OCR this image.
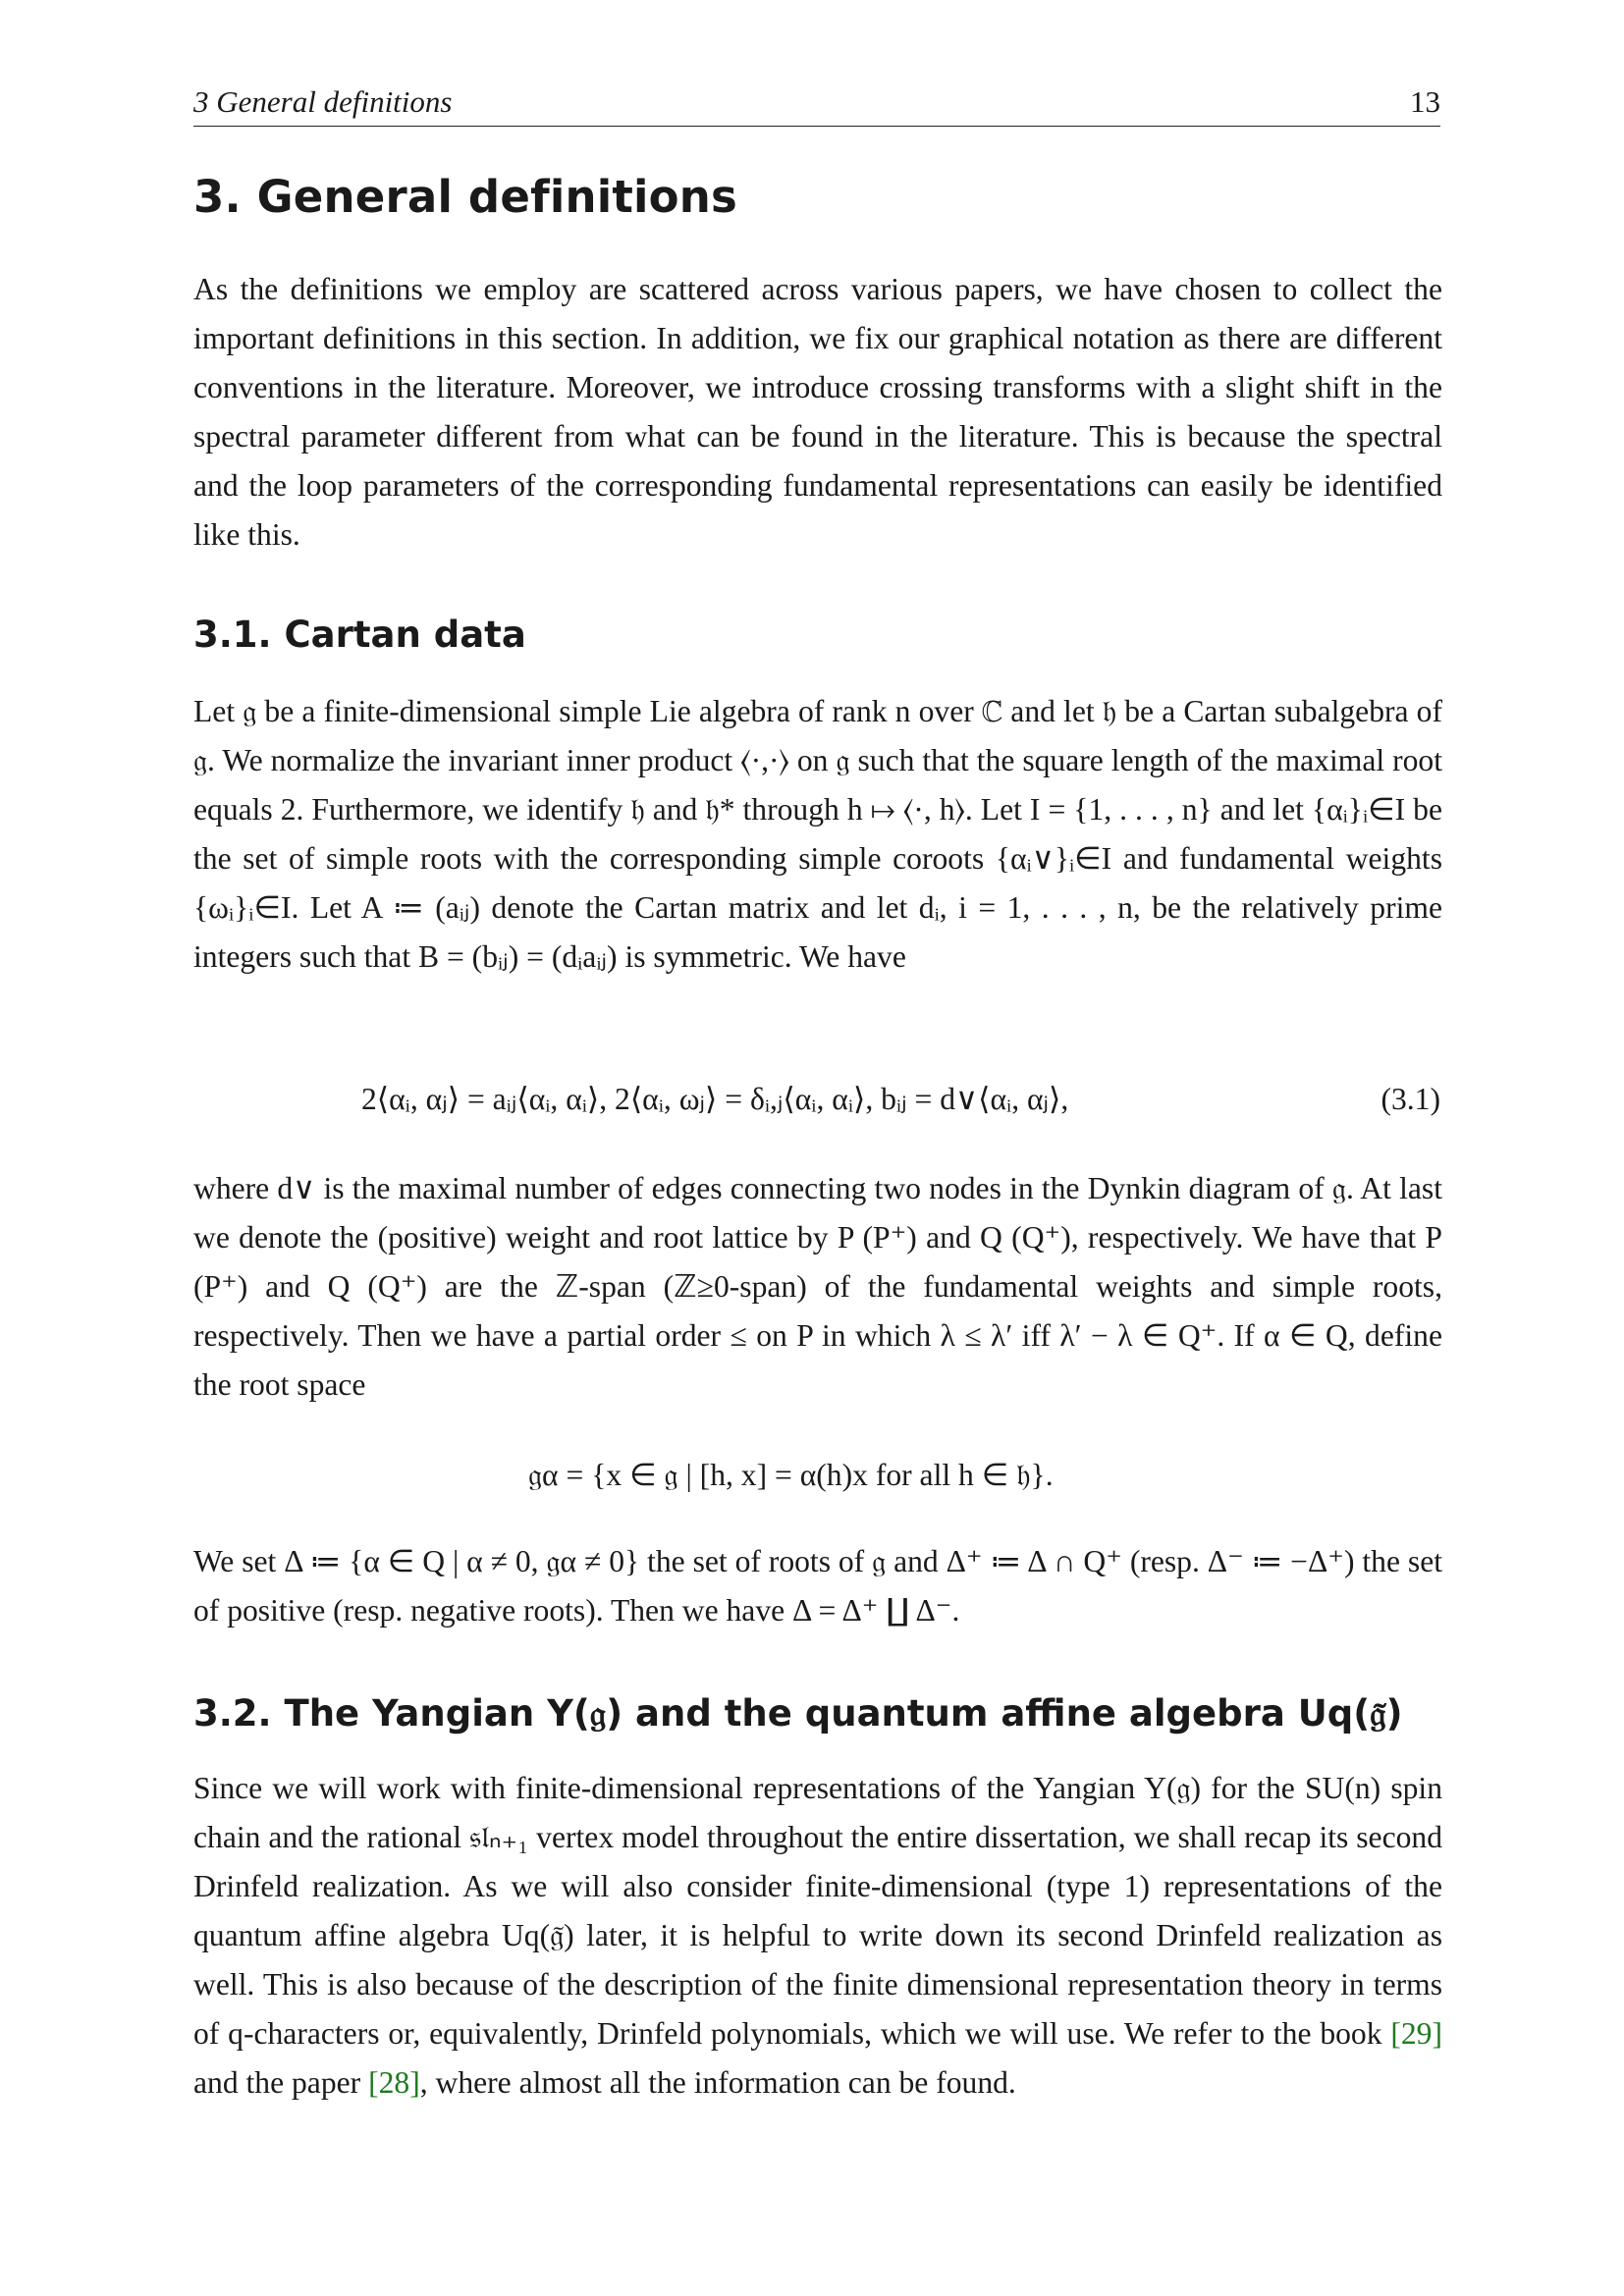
3 General definitions	13
3. General definitions
As the definitions we employ are scattered across various papers, we have chosen to collect the important definitions in this section. In addition, we fix our graphical notation as there are different conventions in the literature. Moreover, we introduce crossing transforms with a slight shift in the spectral parameter different from what can be found in the literature. This is because the spectral and the loop parameters of the corresponding fundamental representations can easily be identified like this.
3.1. Cartan data
Let 𝔤 be a finite-dimensional simple Lie algebra of rank n over ℂ and let 𝔥 be a Cartan subalgebra of 𝔤. We normalize the invariant inner product ⟨·,·⟩ on 𝔤 such that the square length of the maximal root equals 2. Furthermore, we identify 𝔥 and 𝔥* through h ↦ ⟨·, h⟩. Let I = {1, . . . , n} and let {αᵢ}ᵢ∈I be the set of simple roots with the corresponding simple coroots {αᵢ∨}ᵢ∈I and fundamental weights {ωᵢ}ᵢ∈I. Let A ≔ (aᵢⱼ) denote the Cartan matrix and let dᵢ, i = 1, . . . , n, be the relatively prime integers such that B = (bᵢⱼ) = (dᵢaᵢⱼ) is symmetric. We have
2⟨αᵢ, αⱼ⟩ = aᵢⱼ⟨αᵢ, αᵢ⟩, 2⟨αᵢ, ωⱼ⟩ = δᵢ,ⱼ⟨αᵢ, αᵢ⟩, bᵢⱼ = d∨⟨αᵢ, αⱼ⟩,	(3.1)
where d∨ is the maximal number of edges connecting two nodes in the Dynkin diagram of 𝔤. At last we denote the (positive) weight and root lattice by P (P⁺) and Q (Q⁺), respectively. We have that P (P⁺) and Q (Q⁺) are the ℤ-span (ℤ≥0-span) of the fundamental weights and simple roots, respectively. Then we have a partial order ≤ on P in which λ ≤ λ′ iff λ′ − λ ∈ Q⁺. If α ∈ Q, define the root space
𝔤α = {x ∈ 𝔤 | [h, x] = α(h)x for all h ∈ 𝔥}.
We set Δ ≔ {α ∈ Q | α ≠ 0, 𝔤α ≠ 0} the set of roots of 𝔤 and Δ⁺ ≔ Δ ∩ Q⁺ (resp. Δ⁻ ≔ −Δ⁺) the set of positive (resp. negative roots). Then we have Δ = Δ⁺ ∐ Δ⁻.
3.2. The Yangian Y(𝔤) and the quantum affine algebra Uq(𝔤̃)
Since we will work with finite-dimensional representations of the Yangian Y(𝔤) for the SU(n) spin chain and the rational 𝔰𝔩ₙ₊₁ vertex model throughout the entire dissertation, we shall recap its second Drinfeld realization. As we will also consider finite-dimensional (type 1) representations of the quantum affine algebra Uq(𝔤̃) later, it is helpful to write down its second Drinfeld realization as well. This is also because of the description of the finite dimensional representation theory in terms of q-characters or, equivalently, Drinfeld polynomials, which we will use. We refer to the book [29] and the paper [28], where almost all the information can be found.
